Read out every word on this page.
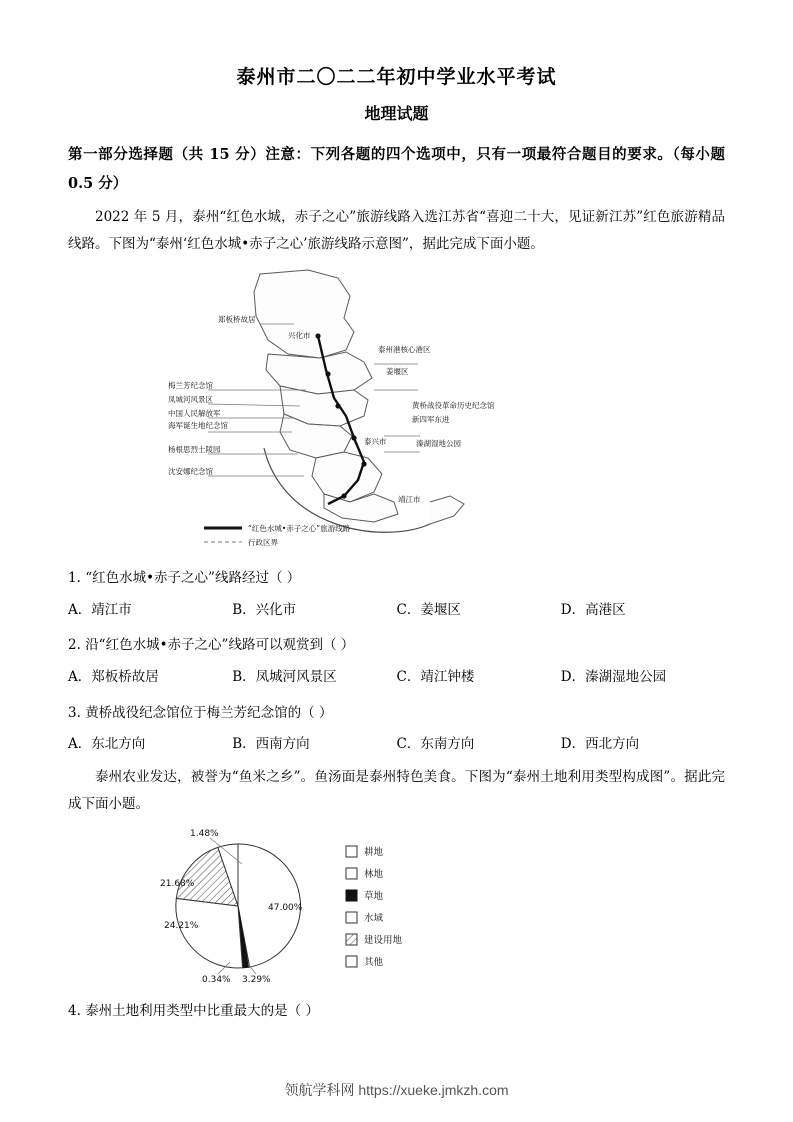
泰州市二〇二二年初中学业水平考试
地理试题
第一部分选择题（共 15 分）注意：下列各题的四个选项中，只有一项最符合题目的要求。（每小题 0.5 分）
2022 年 5 月，泰州“红色水城，赤子之心”旅游线路入选江苏省“喜迎二十大，见证新江苏”红色旅游精品线路。下图为“泰州‘红色水城•赤子之心’旅游线路示意图”，据此完成下面小题。
郑板桥故居
兴化市
泰州港核心港区
姜堰区
梅兰芳纪念馆
凤城河风景区
中国人民解放军
海军诞生地纪念馆
杨根思烈士陵园
沈安娜纪念馆
黄桥战役革命历史纪念馆
新四军东进
泰兴市	溱湖湿地公园
靖江市
“红色水城•赤子之心”旅游线路
行政区界
1. “红色水城•赤子之心”线路经过（ ）
A．靖江市	B．兴化市	C．姜堰区	D．高港区
2. 沿“红色水城•赤子之心”线路可以观赏到（ ）
A．郑板桥故居	B．凤城河风景区	C．靖江钟楼	D．溱湖湿地公园
3. 黄桥战役纪念馆位于梅兰芳纪念馆的（ ）
A．东北方向	B．西南方向	C．东南方向	D．西北方向
泰州农业发达，被誉为“鱼米之乡”。鱼汤面是泰州特色美食。下图为“泰州土地利用类型构成图”。据此完成下面小题。
1.48%
47.00%
21.68%
24.21%
0.34% 3.29%
耕地
林地
草地
水域
建设用地
其他
4. 泰州土地利用类型中比重最大的是（ ）
领航学科网 https://xueke.jmkzh.com
